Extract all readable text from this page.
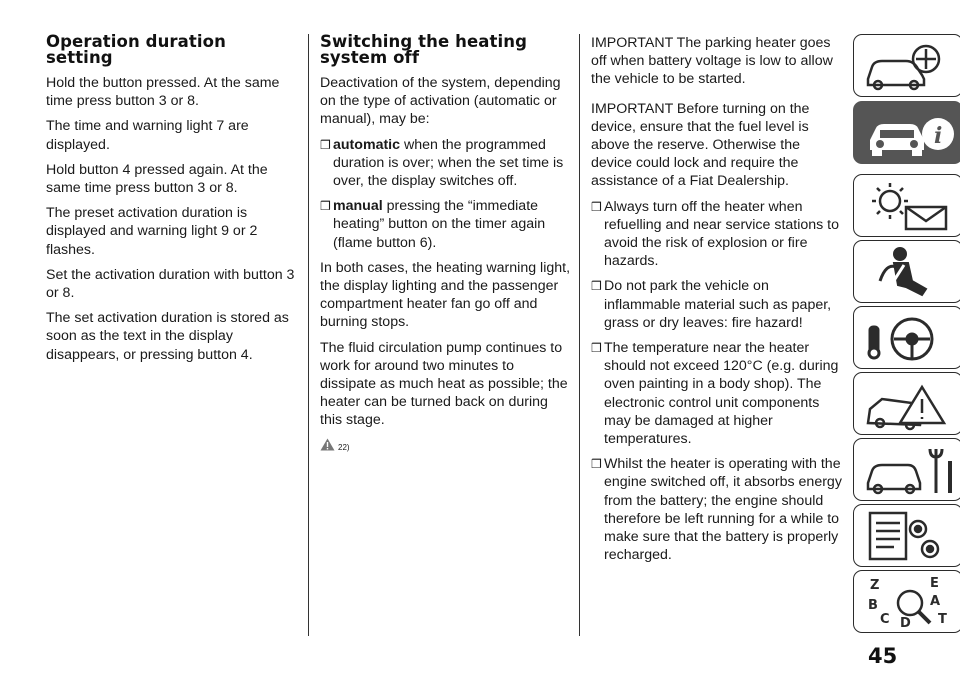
Operation duration setting

Hold the button pressed. At the same time press button 3 or 8.

The time and warning light 7 are displayed.

Hold button 4 pressed again. At the same time press button 3 or 8.

The preset activation duration is displayed and warning light 9 or 2 flashes.

Set the activation duration with button 3 or 8.

The set activation duration is stored as soon as the text in the display disappears, or pressing button 4.

Switching the heating system off

Deactivation of the system, depending on the type of activation (automatic or manual), may be:

❒ automatic when the programmed duration is over; when the set time is over, the display switches off.
❒ manual pressing the “immediate heating” button on the timer again (flame button 6).

In both cases, the heating warning light, the display lighting and the passenger compartment heater fan go off and burning stops.

The fluid circulation pump continues to work for around two minutes to dissipate as much heat as possible; the heater can be turned back on during this stage.

22)

IMPORTANT The parking heater goes off when battery voltage is low to allow the vehicle to be started.

IMPORTANT Before turning on the device, ensure that the fuel level is above the reserve. Otherwise the device could lock and require the assistance of a Fiat Dealership.

❒ Always turn off the heater when refuelling and near service stations to avoid the risk of explosion or fire hazards.
❒ Do not park the vehicle on inflammable material such as paper, grass or dry leaves: fire hazard!
❒ The temperature near the heater should not exceed 120°C (e.g. during oven painting in a body shop). The electronic control unit components may be damaged at higher temperatures.
❒ Whilst the heater is operating with the engine switched off, it absorbs energy from the battery; the engine should therefore be left running for a while to make sure that the battery is properly recharged.
i
Z	E B	A C D T
45
